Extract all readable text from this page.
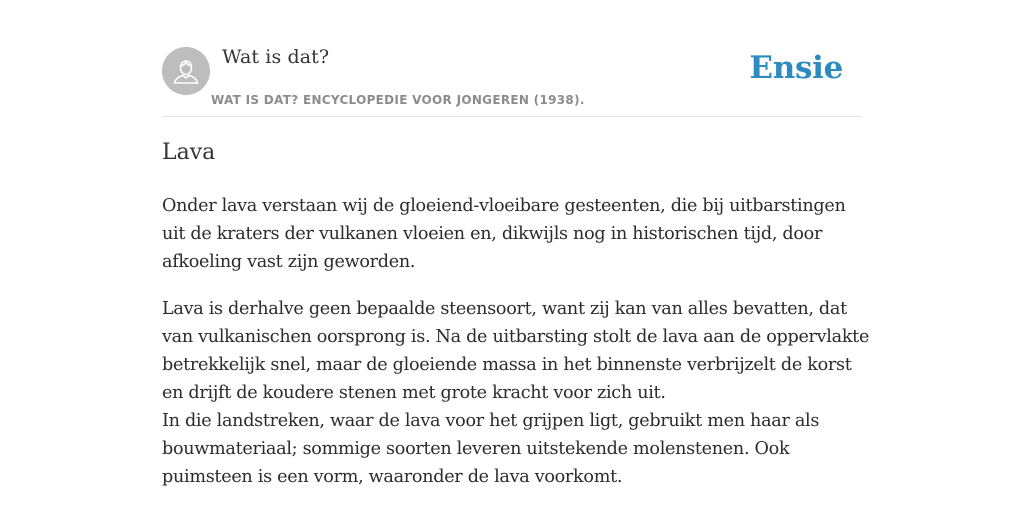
Wat is dat?
WAT IS DAT? ENCYCLOPEDIE VOOR JONGEREN (1938).
Ensie
Lava

Onder lava verstaan wij de gloeiend-vloeibare gesteenten, die bij uitbarstingen
uit de kraters der vulkanen vloeien en, dikwijls nog in historischen tijd, door
afkoeling vast zijn geworden.

Lava is derhalve geen bepaalde steensoort, want zij kan van alles bevatten, dat
van vulkanischen oorsprong is. Na de uitbarsting stolt de lava aan de oppervlakte
betrekkelijk snel, maar de gloeiende massa in het binnenste verbrijzelt de korst
en drijft de koudere stenen met grote kracht voor zich uit.
In die landstreken, waar de lava voor het grijpen ligt, gebruikt men haar als
bouwmateriaal; sommige soorten leveren uitstekende molenstenen. Ook
puimsteen is een vorm, waaronder de lava voorkomt.
